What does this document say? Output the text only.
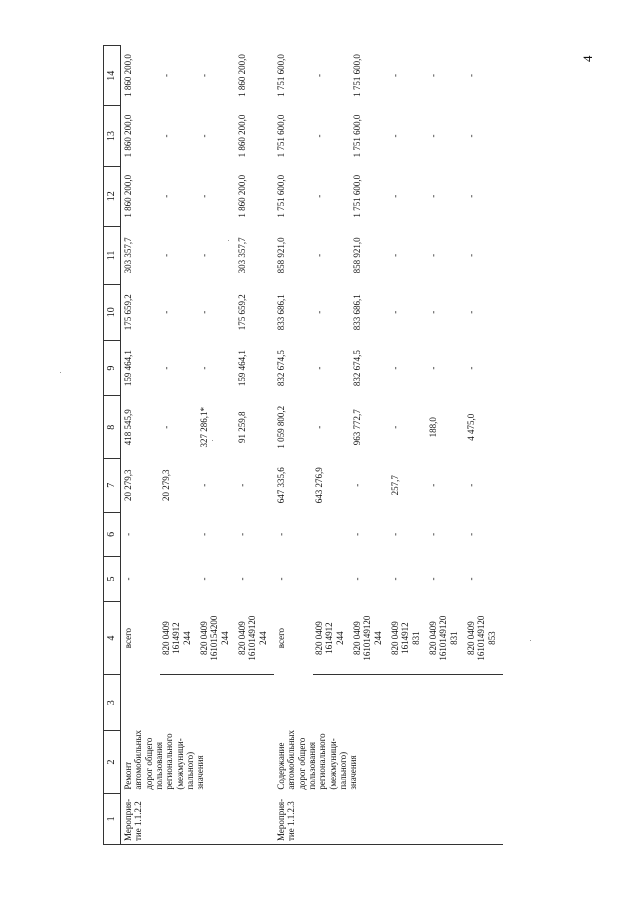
4
1	2	3	4	5	6	7	8	9	10	11	12	13	14
Мероприя-
тие 1.1.2.2	Ремонт автомобильных дорог общего пользования регионального (межмуници-пального) значения		всего	-	-	20 279,3	418 545,9	159 464,1	175 659,2	303 357,7	1 860 200,0	1 860 200,0	1 860 200,0
			820 0409
1614912
244			20 279,3	-	-	-	-	-	-	-
			820 0409
1610154200
244	-	-	-	327 286,1*	-	-	-	-	-	-
			820 0409
1610149120
244	-	-	-	91 259,8	159 464,1	175 659,2	303 357,7	1 860 200,0	1 860 200,0	1 860 200,0
Мероприя-
тие 1.1.2.3	Содержание автомобильных дорог общего пользования регионального (межмуници-пального) значения		всего	-	-	647 335,6	1 059 800,2	832 674,5	833 686,1	858 921,0	1 751 600,0	1 751 600,0	1 751 600,0
			820 0409
1614912
244			643 276,9	-	-	-	-	-	-	-
			820 0409
1610149120
244	-	-	-	963 772,7	832 674,5	833 686,1	858 921,0	1 751 600,0	1 751 600,0	1 751 600,0
			820 0409
1614912
831	-	-	257,7	-	-	-	-	-	-	-
			820 0409
1610149120
831	-	-	-	188,0	-	-	-	-	-	-
			820 0409
1610149120
853	-	-	-	4 475,0	-	-	-	-	-	-
